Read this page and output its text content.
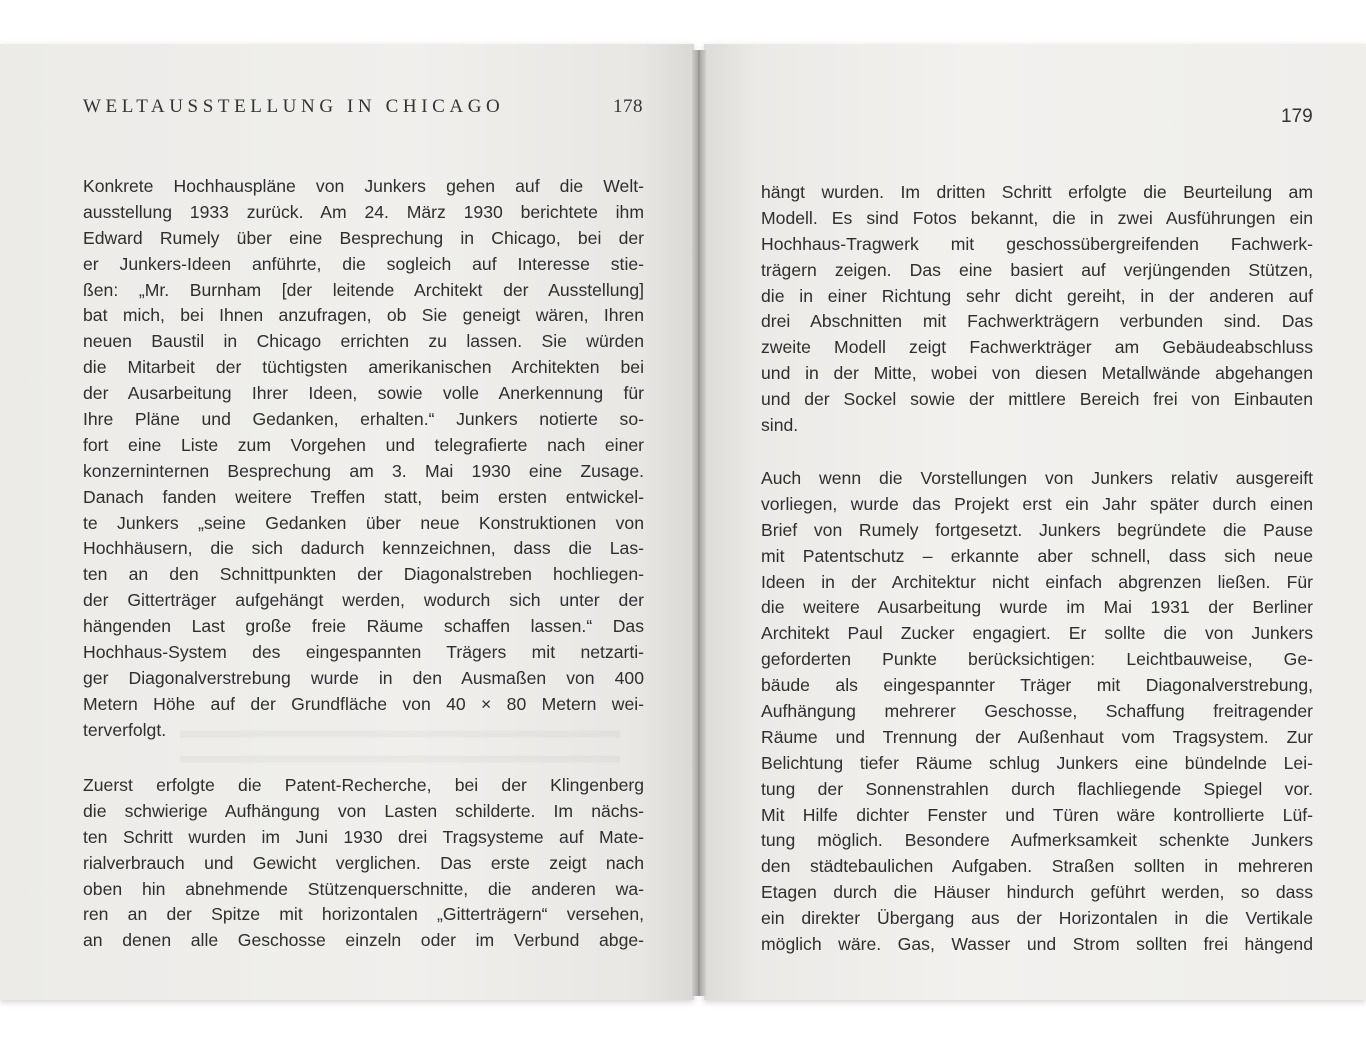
WELTAUSSTELLUNG IN CHICAGO	178	179
Konkrete Hochhauspläne von Junkers gehen auf die Welt-
ausstellung 1933 zurück. Am 24. März 1930 berichtete ihm
Edward Rumely über eine Besprechung in Chicago, bei der
er Junkers-Ideen anführte, die sogleich auf Interesse stie-
ßen: „Mr. Burnham [der leitende Architekt der Ausstellung]
bat mich, bei Ihnen anzufragen, ob Sie geneigt wären, Ihren
neuen Baustil in Chicago errichten zu lassen. Sie würden
die Mitarbeit der tüchtigsten amerikanischen Architekten bei
der Ausarbeitung Ihrer Ideen, sowie volle Anerkennung für
Ihre Pläne und Gedanken, erhalten.“ Junkers notierte so-
fort eine Liste zum Vorgehen und telegrafierte nach einer
konzerninternen Besprechung am 3. Mai 1930 eine Zusage.
Danach fanden weitere Treffen statt, beim ersten entwickel-
te Junkers „seine Gedanken über neue Konstruktionen von
Hochhäusern, die sich dadurch kennzeichnen, dass die Las-
ten an den Schnittpunkten der Diagonalstreben hochliegen-
der Gitterträger aufgehängt werden, wodurch sich unter der
hängenden Last große freie Räume schaffen lassen.“ Das
Hochhaus-System des eingespannten Trägers mit netzarti-
ger Diagonalverstrebung wurde in den Ausmaßen von 400
Metern Höhe auf der Grundfläche von 40 × 80 Metern wei-
terverfolgt.
Zuerst erfolgte die Patent-Recherche, bei der Klingenberg
die schwierige Aufhängung von Lasten schilderte. Im nächs-
ten Schritt wurden im Juni 1930 drei Tragsysteme auf Mate-
rialverbrauch und Gewicht verglichen. Das erste zeigt nach
oben hin abnehmende Stützenquerschnitte, die anderen wa-
ren an der Spitze mit horizontalen „Gitterträgern“ versehen,
an denen alle Geschosse einzeln oder im Verbund abge-
hängt wurden. Im dritten Schritt erfolgte die Beurteilung am
Modell. Es sind Fotos bekannt, die in zwei Ausführungen ein
Hochhaus-Tragwerk mit geschossübergreifenden Fachwerk-
trägern zeigen. Das eine basiert auf verjüngenden Stützen,
die in einer Richtung sehr dicht gereiht, in der anderen auf
drei Abschnitten mit Fachwerkträgern verbunden sind. Das
zweite Modell zeigt Fachwerkträger am Gebäudeabschluss
und in der Mitte, wobei von diesen Metallwände abgehangen
und der Sockel sowie der mittlere Bereich frei von Einbauten
sind.
Auch wenn die Vorstellungen von Junkers relativ ausgereift
vorliegen, wurde das Projekt erst ein Jahr später durch einen
Brief von Rumely fortgesetzt. Junkers begründete die Pause
mit Patentschutz – erkannte aber schnell, dass sich neue
Ideen in der Architektur nicht einfach abgrenzen ließen. Für
die weitere Ausarbeitung wurde im Mai 1931 der Berliner
Architekt Paul Zucker engagiert. Er sollte die von Junkers
geforderten Punkte berücksichtigen: Leichtbauweise, Ge-
bäude als eingespannter Träger mit Diagonalverstrebung,
Aufhängung mehrerer Geschosse, Schaffung freitragender
Räume und Trennung der Außenhaut vom Tragsystem. Zur
Belichtung tiefer Räume schlug Junkers eine bündelnde Lei-
tung der Sonnenstrahlen durch flachliegende Spiegel vor.
Mit Hilfe dichter Fenster und Türen wäre kontrollierte Lüf-
tung möglich. Besondere Aufmerksamkeit schenkte Junkers
den städtebaulichen Aufgaben. Straßen sollten in mehreren
Etagen durch die Häuser hindurch geführt werden, so dass
ein direkter Übergang aus der Horizontalen in die Vertikale
möglich wäre. Gas, Wasser und Strom sollten frei hängend
